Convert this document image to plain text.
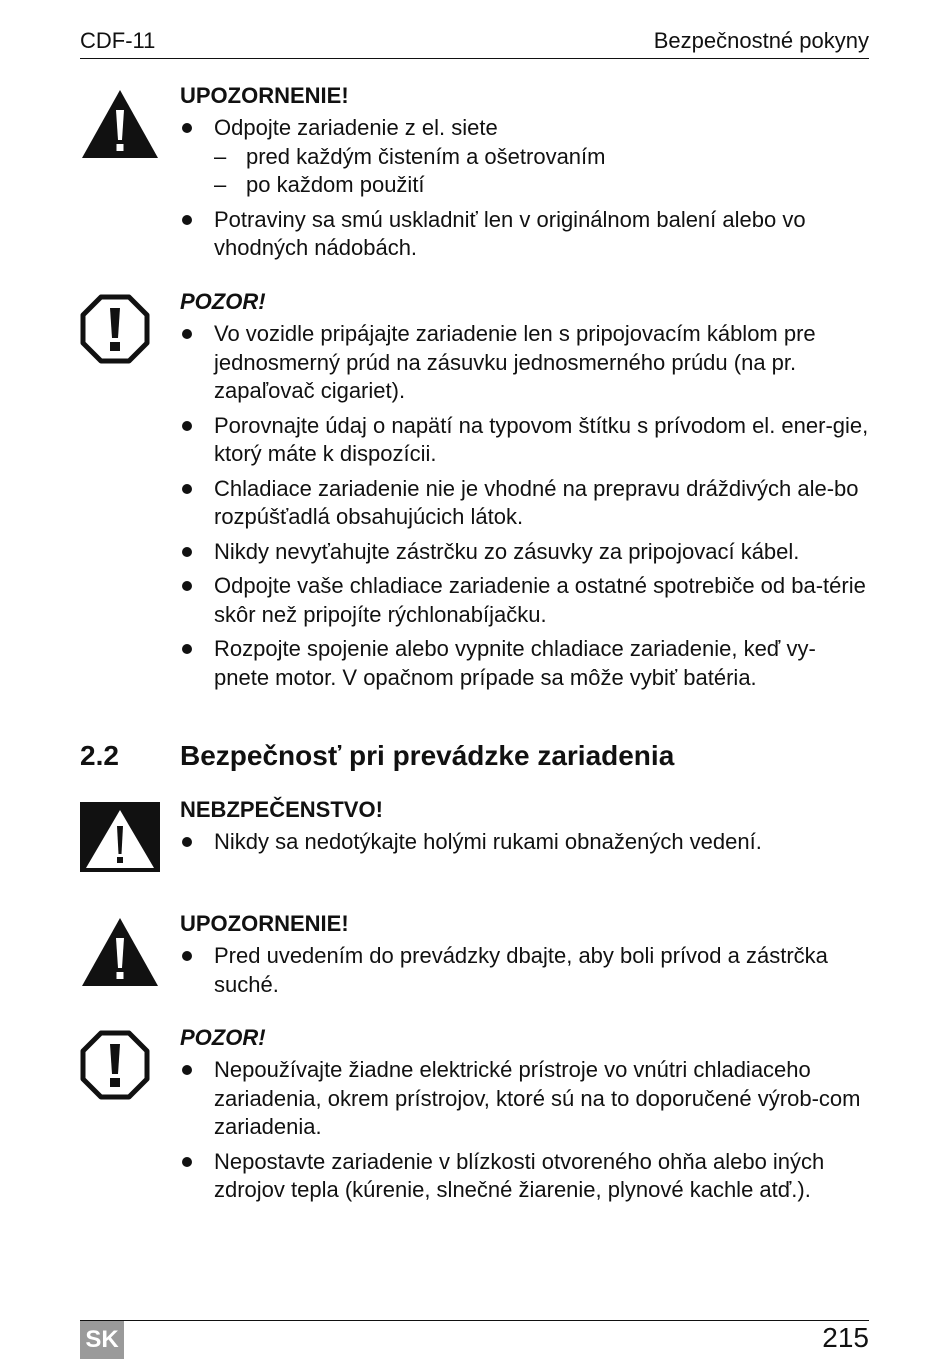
CDF-11	Bezpečnostné pokyny
UPOZORNENIE!
Odpojte zariadenie z el. siete
– pred každým čistením a ošetrovaním
– po každom použití
Potraviny sa smú uskladniť len v originálnom balení alebo vo vhodných nádobách.
POZOR!
Vo vozidle pripájajte zariadenie len s pripojovacím káblom pre jednosmerný prúd na zásuvku jednosmerného prúdu (na pr. zapaľovač cigariet).
Porovnajte údaj o napätí na typovom štítku s prívodom el. ener-gie, ktorý máte k dispozícii.
Chladiace zariadenie nie je vhodné na prepravu dráždivých ale-bo rozpúšťadlá obsahujúcich látok.
Nikdy nevyťahujte zástrčku zo zásuvky za pripojovací kábel.
Odpojte vaše chladiace zariadenie a ostatné spotrebiče od ba-térie skôr než pripojíte rýchlonabíjačku.
Rozpojte spojenie alebo vypnite chladiace zariadenie, keď vy-pnete motor. V opačnom prípade sa môže vybiť batéria.
2.2 Bezpečnosť pri prevádzke zariadenia
NEBZPEČENSTVO!
Nikdy sa nedotýkajte holými rukami obnažených vedení.
UPOZORNENIE!
Pred uvedením do prevádzky dbajte, aby boli prívod a zástrčka suché.
POZOR!
Nepoužívajte žiadne elektrické prístroje vo vnútri chladiaceho zariadenia, okrem prístrojov, ktoré sú na to doporučené výrob-com zariadenia.
Nepostavte zariadenie v blízkosti otvoreného ohňa alebo iných zdrojov tepla (kúrenie, slnečné žiarenie, plynové kachle atď.).
SK	215
